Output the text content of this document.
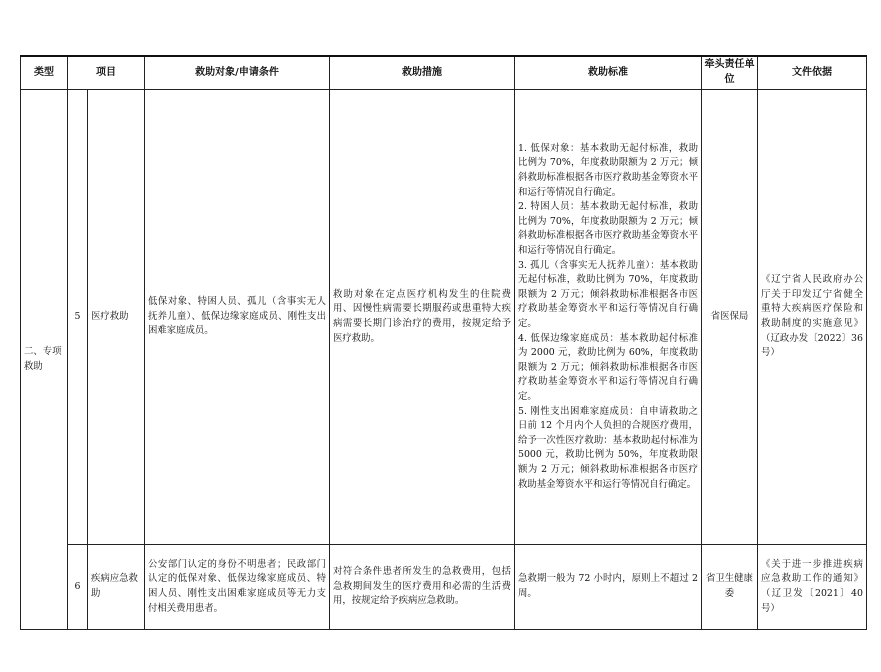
类型	项目		救助对象/申请条件	救助措施	救助标准	牵头责任单位	文件依据
二、专项救助	5	医疗救助	低保对象、特困人员、孤儿（含事实无人抚养儿童）、低保边缘家庭成员、刚性支出困难家庭成员。	救助对象在定点医疗机构发生的住院费用、因慢性病需要长期服药或患重特大疾病需要长期门诊治疗的费用，按规定给予医疗救助。	1. 低保对象：基本救助无起付标准，救助比例为 70%，年度救助限额为 2 万元；倾斜救助标准根据各市医疗救助基金筹资水平和运行等情况自行确定。
2. 特困人员：基本救助无起付标准，救助比例为 70%，年度救助限额为 2 万元；倾斜救助标准根据各市医疗救助基金筹资水平和运行等情况自行确定。
3. 孤儿（含事实无人抚养儿童）：基本救助无起付标准，救助比例为 70%，年度救助限额为 2 万元；倾斜救助标准根据各市医疗救助基金筹资水平和运行等情况自行确定。
4. 低保边缘家庭成员：基本救助起付标准为 2000 元，救助比例为 60%，年度救助限额为 2 万元；倾斜救助标准根据各市医疗救助基金筹资水平和运行等情况自行确定。
5. 刚性支出困难家庭成员：自申请救助之日前 12 个月内个人负担的合规医疗费用，给予一次性医疗救助：基本救助起付标准为 5000 元，救助比例为 50%，年度救助限额为 2 万元；倾斜救助标准根据各市医疗救助基金筹资水平和运行等情况自行确定。	省医保局	《辽宁省人民政府办公厅关于印发辽宁省健全重特大疾病医疗保险和救助制度的实施意见》（辽政办发〔2022〕36号）
	6	疾病应急救助	公安部门认定的身份不明患者；民政部门认定的低保对象、低保边缘家庭成员、特困人员、刚性支出困难家庭成员等无力支付相关费用患者。	对符合条件患者所发生的急救费用，包括急救期间发生的医疗费用和必需的生活费用，按规定给予疾病应急救助。	急救期一般为 72 小时内，原则上不超过 2 周。	省卫生健康委	《关于进一步推进疾病应急救助工作的通知》（辽卫发〔2021〕40号）
